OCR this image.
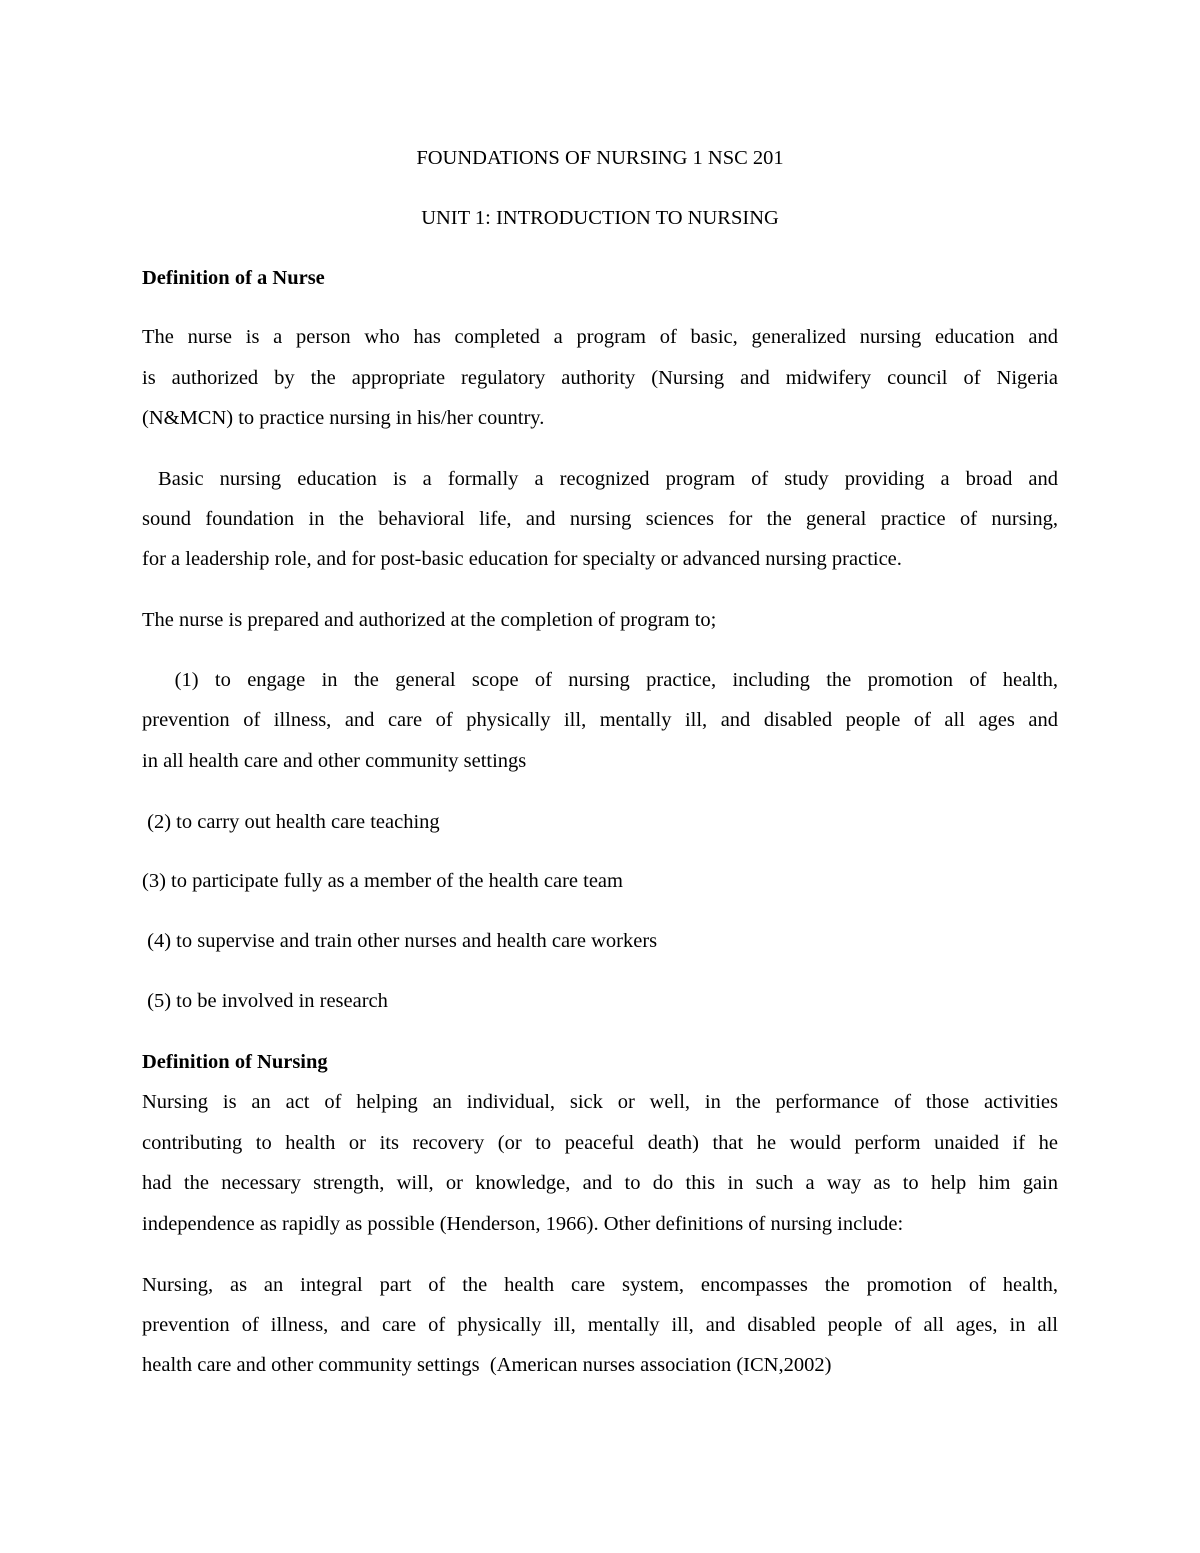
FOUNDATIONS OF NURSING 1 NSC 201

UNIT 1: INTRODUCTION TO NURSING

Definition of a Nurse

The nurse is a person who has completed a program of basic, generalized nursing education and

is authorized by the appropriate regulatory authority (Nursing and midwifery council of Nigeria

(N&MCN) to practice nursing in his/her country.

Basic nursing education is a formally a recognized program of study providing a broad and

sound foundation in the behavioral life, and nursing sciences for the general practice of nursing,

for a leadership role, and for post-basic education for specialty or advanced nursing practice.

The nurse is prepared and authorized at the completion of program to;

(1) to engage in the general scope of nursing practice, including the promotion of health,

prevention of illness, and care of physically ill, mentally ill, and disabled people of all ages and

in all health care and other community settings

(2) to carry out health care teaching

(3) to participate fully as a member of the health care team

(4) to supervise and train other nurses and health care workers

(5) to be involved in research

Definition of Nursing

Nursing is an act of helping an individual, sick or well, in the performance of those activities

contributing to health or its recovery (or to peaceful death) that he would perform unaided if he

had the necessary strength, will, or knowledge, and to do this in such a way as to help him gain

independence as rapidly as possible (Henderson, 1966). Other definitions of nursing include:

Nursing, as an integral part of the health care system, encompasses the promotion of health,

prevention of illness, and care of physically ill, mentally ill, and disabled people of all ages, in all

health care and other community settings  (American nurses association (ICN,2002)
